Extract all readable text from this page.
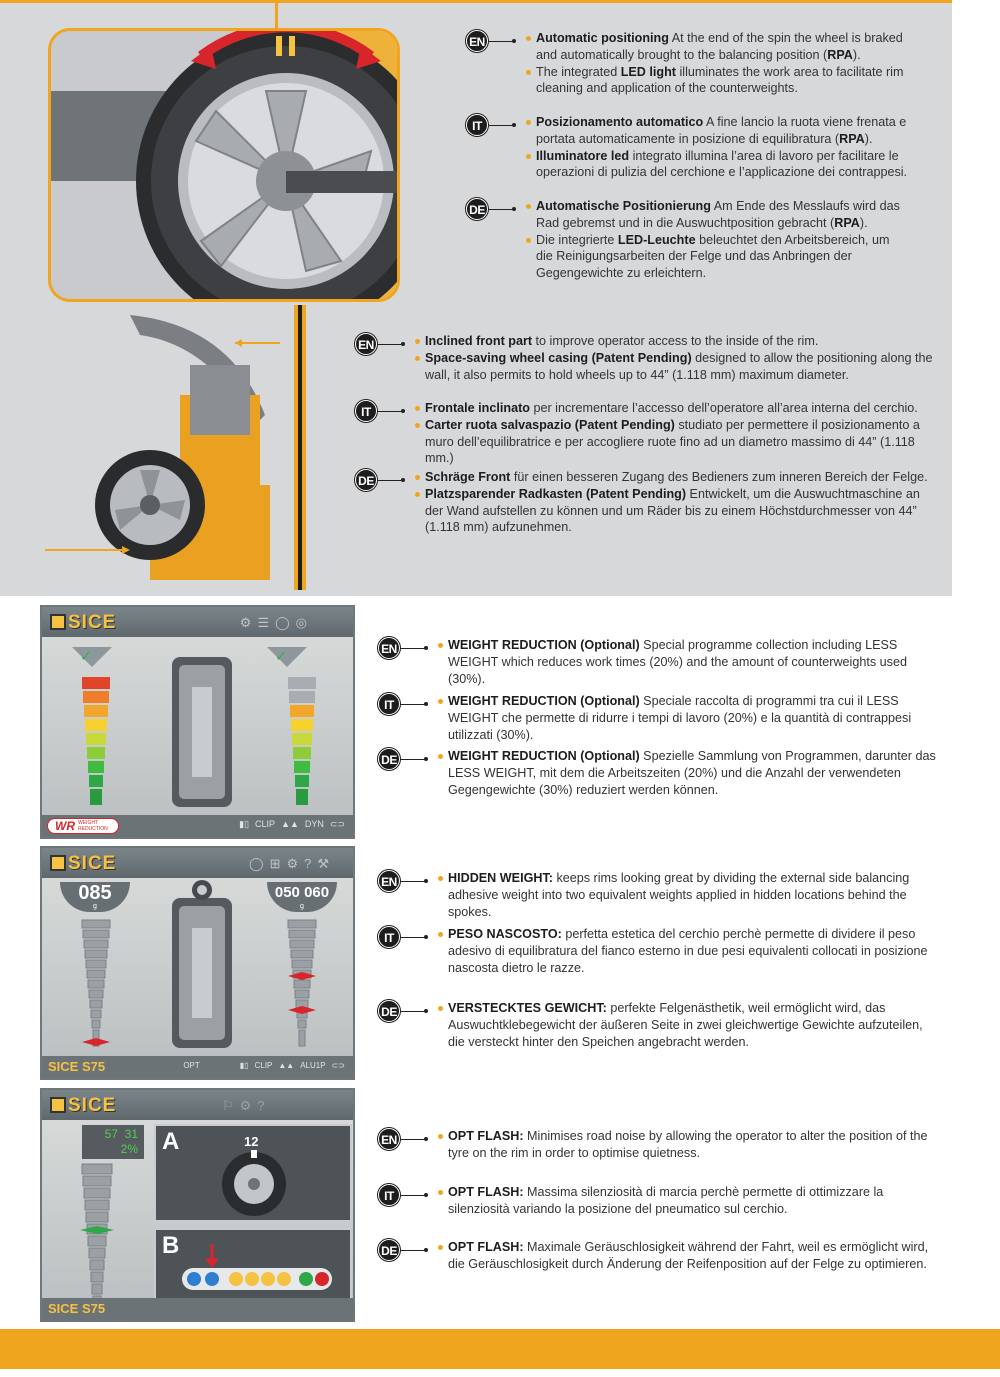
EN	Automatic positioning At the end of the spin the wheel is braked and automatically brought to the balancing position (RPA).
The integrated LED light illuminates the work area to facilitate rim cleaning and application of the counterweights.
IT	Posizionamento automatico A fine lancio la ruota viene frenata e portata automaticamente in posizione di equilibratura (RPA).
Illuminatore led integrato illumina l’area di lavoro per facilitare le operazioni di pulizia del cerchione e l’applicazione dei contrappesi.
DE	Automatische Positionierung Am Ende des Messlaufs wird das Rad gebremst und in die Auswuchtposition gebracht (RPA).
Die integrierte LED-Leuchte beleuchtet den Arbeitsbereich, um die Reinigungsarbeiten der Felge und das Anbringen der Gegengewichte zu erleichtern.
EN	Inclined front part to improve operator access to the inside of the rim.
Space-saving wheel casing (Patent Pending) designed to allow the positioning along the wall, it also permits to hold wheels up to 44” (1.118 mm) maximum diameter.
IT	Frontale inclinato per incrementare l’accesso dell’operatore all’area interna del cerchio.
Carter ruota salvaspazio (Patent Pending) studiato per permettere il posizionamento a muro dell’equilibratrice e per accogliere ruote fino ad un diametro massimo di 44” (1.118 mm.)
DE	Schräge Front für einen besseren Zugang des Bedieners zum inneren Bereich der Felge.
Platzsparender Radkasten (Patent Pending) Entwickelt, um die Auswuchtmaschine an der Wand aufstellen zu können und um Räder bis zu einem Höchstdurchmesser von 44” (1.118 mm) aufzunehmen.
SICE	⚙☰◯◎
✓	✓
WR WEIGHT
REDUCTION	▮▯ CLIP ▲▲ DYN ⊂⊃
EN	WEIGHT REDUCTION (Optional) Special programme collection including LESS WEIGHT which reduces work times (20%) and the amount of counterweights used (30%).
IT	WEIGHT REDUCTION (Optional) Speciale raccolta di programmi tra cui il LESS WEIGHT che permette di ridurre i tempi di lavoro (20%) e la quantità di contrappesi utilizzati (30%).
DE	WEIGHT REDUCTION (Optional) Spezielle Sammlung von Programmen, darunter das LESS WEIGHT, mit dem die Arbeitszeiten (20%) und die Anzahl der verwendeten Gegengewichte (30%) reduziert werden können.
SICE	◯⊞⚙?⚒
085
g
050 060
g
SICE S75	OPT	▮▯ CLIP ▲▲ ALU1P ⊂⊃
EN	HIDDEN WEIGHT: keeps rims looking great by dividing the external side balancing adhesive weight into two equivalent weights applied in hidden locations behind the spokes.
IT	PESO NASCOSTO: perfetta estetica del cerchio perchè permette di dividere il peso adesivo di equilibratura del fianco esterno in due pesi equivalenti collocati in posizione nascosta dietro le razze.
DE	VERSTECKTES GEWICHT: perfekte Felgenästhetik, weil ermöglicht wird, das Auswuchtklebegewicht der äußeren Seite in zwei gleichwertige Gewichte aufzuteilen, die versteckt hinter den Speichen angebracht werden.
SICE	⚐⚙?
57 31
2% A	12
B
SICE S75
EN	OPT FLASH: Minimises road noise by allowing the operator to alter the position of the tyre on the rim in order to optimise quietness.
IT	OPT FLASH: Massima silenziosità di marcia perchè permette di ottimizzare la silenziosità variando la posizione del pneumatico sul cerchio.
DE	OPT FLASH: Maximale Geräuschlosigkeit während der Fahrt, weil es ermöglicht wird, die Geräuschlosigkeit durch Änderung der Reifenposition auf der Felge zu optimieren.
